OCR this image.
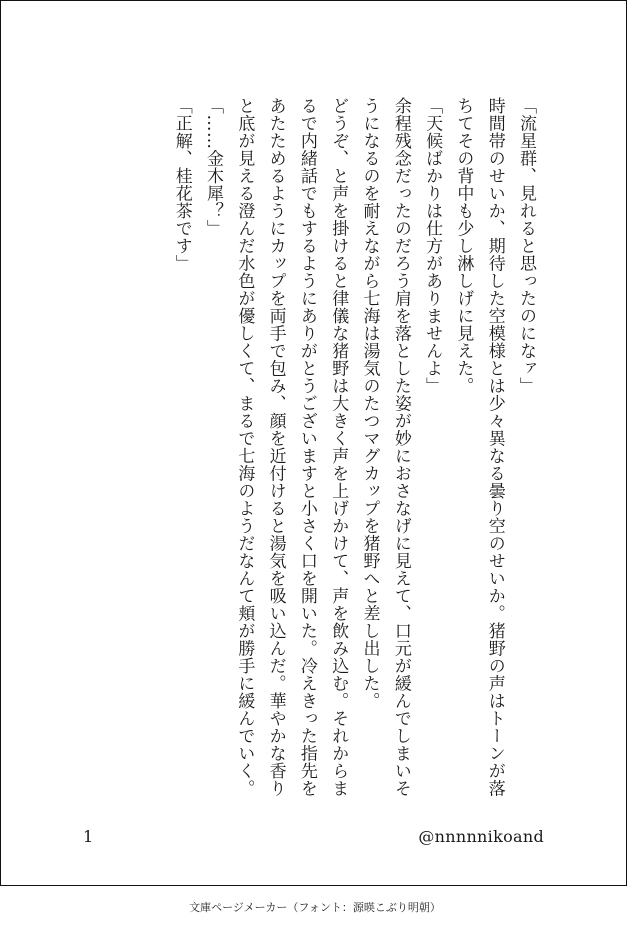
「流星群、見れると思ったのになァ」

時間帯のせいか、期待した空模様とは少々異なる曇り空のせいか。猪野の声はトーンが落ちてその背中も少し淋しげに見えた。

「天候ばかりは仕方がありませんよ」

余程残念だったのだろう肩を落とした姿が妙におさなげに見えて、口元が緩んでしまいそうになるのを耐えながら七海は湯気のたつマグカップを猪野へと差し出した。

どうぞ、と声を掛けると律儀な猪野は大きく声を上げかけて、声を飲み込む。それからまるで内緒話でもするようにありがとうございますと小さく口を開いた。冷えきった指先をあたためるようにカップを両手で包み、顔を近付けると湯気を吸い込んだ。華やかな香りと底が見える澄んだ水色が優しくて、まるで七海のようだなんて頬が勝手に緩んでいく。

「……金木犀？」

「正解、桂花茶です」

1	@nnnnnikoand
文庫ページメーカー（フォント：源暎こぶり明朝）
